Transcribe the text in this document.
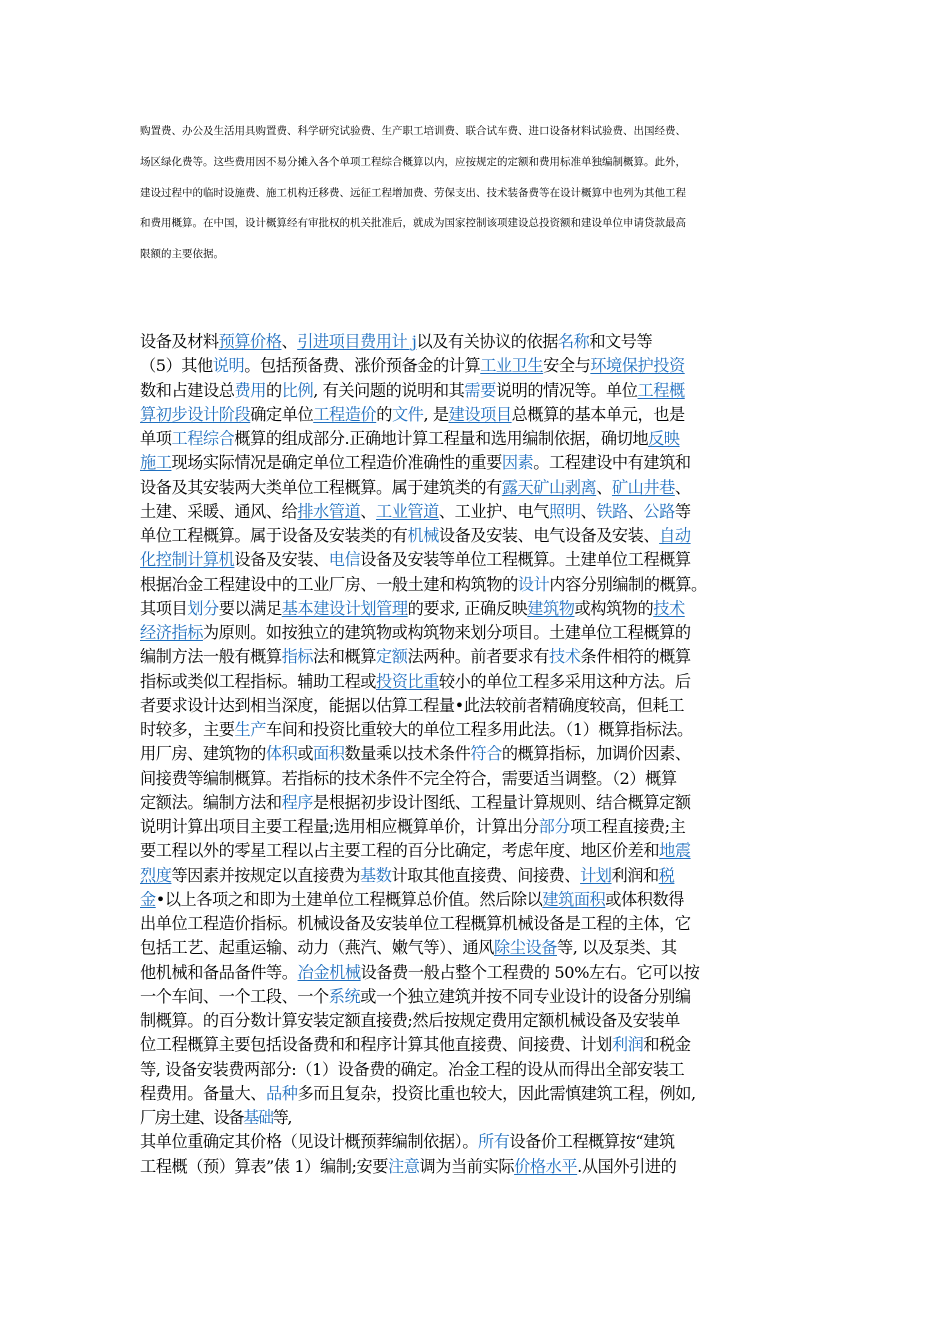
购置费、办公及生活用具购置费、科学研究试验费、生产职工培训费、联合试车费、进口设备材料试验费、出国经费、
场区绿化费等。这些费用因不易分摊入各个单项工程综合概算以内，应按规定的定额和费用标准单独编制概算。此外，
建设过程中的临时设施费、施工机构迁移费、远征工程增加费、劳保支出、技术装备费等在设计概算中也列为其他工程
和费用概算。在中国，设计概算经有审批权的机关批准后，就成为国家控制该项建设总投资额和建设单位申请贷款最高
限额的主要依据。
设备及材料预算价格、引进项目费用计 j以及有关协议的依据名称和文号等
（5）其他说明。包括预备费、涨价预备金的计算工业卫生安全与环境保护投资
数和占建设总费用的比例, 有关问题的说明和其需要说明的情况等。单位工程概
算初步设计阶段确定单位工程造价的文件, 是建设项目总概算的基本单元，也是
单项工程综合概算的组成部分.正确地计算工程量和选用编制依据，确切地反映
施工现场实际情况是确定单位工程造价准确性的重要因素。工程建设中有建筑和
设备及其安装两大类单位工程概算。属于建筑类的有露天矿山剥离、矿山井巷、
土建、采暖、通风、给排水管道、工业管道、工业护、电气照明、铁路、公路等
单位工程概算。属于设备及安装类的有机械设备及安装、电气设备及安装、自动
化控制计算机设备及安装、电信设备及安装等单位工程概算。土建单位工程概算
根据冶金工程建设中的工业厂房、一般土建和构筑物的设计内容分别编制的概算。
其项目划分要以满足基本建设计划管理的要求, 正确反映建筑物或构筑物的技术
经济指标为原则。如按独立的建筑物或构筑物来划分项目。土建单位工程概算的
编制方法一般有概算指标法和概算定额法两种。前者要求有技术条件相符的概算
指标或类似工程指标。辅助工程或投资比重较小的单位工程多采用这种方法。后
者要求设计达到相当深度，能据以估算工程量•此法较前者精确度较高，但耗工
时较多，主要生产车间和投资比重较大的单位工程多用此法。（1）概算指标法。
用厂房、建筑物的体积或面积数量乘以技术条件符合的概算指标，加调价因素、
间接费等编制概算。若指标的技术条件不完全符合，需要适当调整。（2）概算
定额法。编制方法和程序是根据初步设计图纸、工程量计算规则、结合概算定额
说明计算出项目主要工程量;选用相应概算单价，计算出分部分项工程直接费;主
要工程以外的零星工程以占主要工程的百分比确定，考虑年度、地区价差和地震
烈度等因素并按规定以直接费为基数计取其他直接费、间接费、计划利润和税
金•以上各项之和即为土建单位工程概算总价值。然后除以建筑面积或体积数得
出单位工程造价指标。机械设备及安装单位工程概算机械设备是工程的主体，它
包括工艺、起重运输、动力（燕汽、嫩气等）、通风除尘设备等, 以及泵类、其
他机械和备品备件等。冶金机械设备费一般占整个工程费的 50%左右。它可以按
一个车间、一个工段、一个系统或一个独立建筑并按不同专业设计的设备分别编
制概算。的百分数计算安装定额直接费;然后按规定费用定额机械设备及安装单
位工程概算主要包括设备费和和程序计算其他直接费、间接费、计划利润和税金
等, 设备安装费两部分:（1）设备费的确定。冶金工程的设从而得出全部安装工
程费用。备量大、品种多而且复杂，投资比重也较大，因此需慎建筑工程，例如,
厂房土建、设备基础等,
其单位重确定其价格（见设计概预葬编制依据）。所有设备价工程概算按“建筑
工程概（预）算表”俵 1）编制;安要注意调为当前实际价格水平.从国外引进的
